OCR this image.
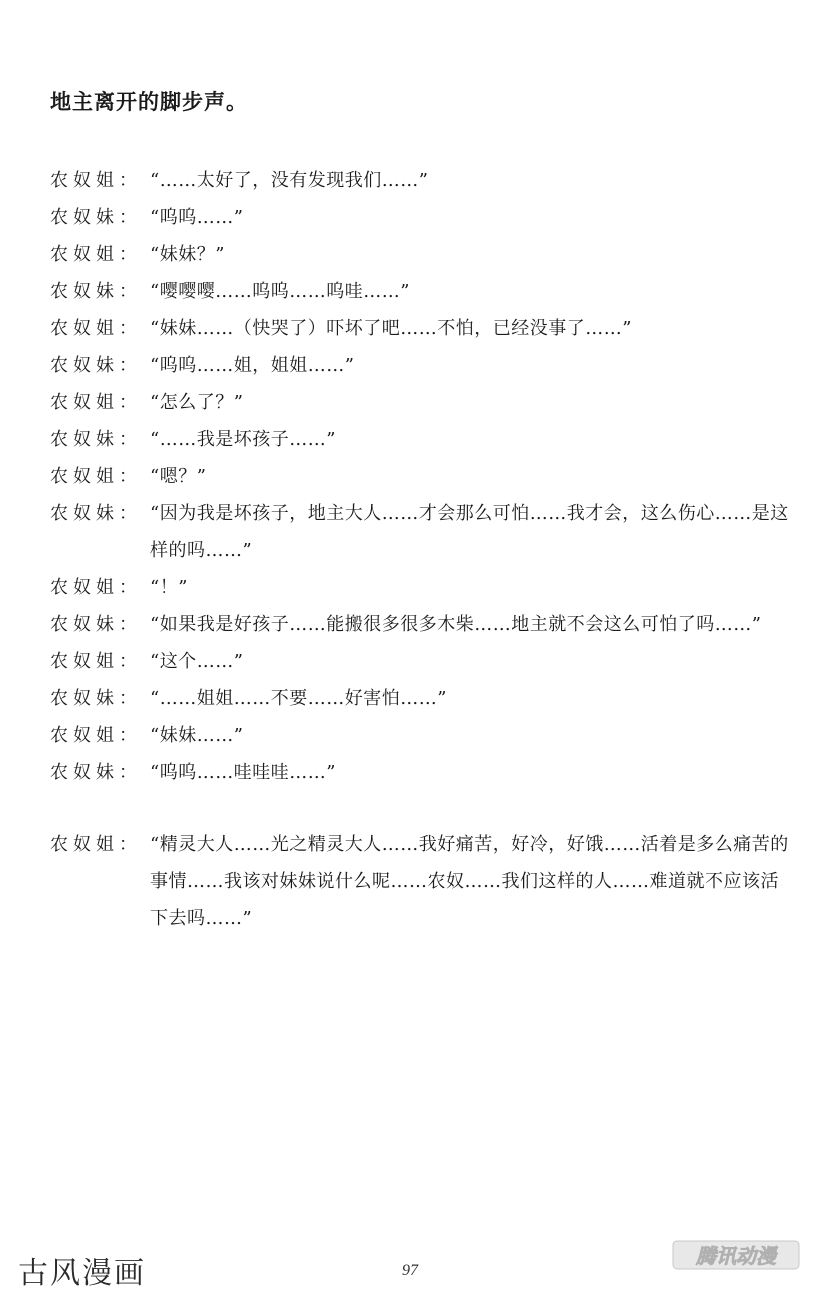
地主离开的脚步声。
农奴姐： “……太好了，没有发现我们……”
农奴妹： “呜呜……”
农奴姐： “妹妹？”
农奴妹： “嘤嘤嘤……呜呜……呜哇……”
农奴姐： “妹妹……（快哭了）吓坏了吧……不怕，已经没事了……”
农奴妹： “呜呜……姐，姐姐……”
农奴姐： “怎么了？”
农奴妹： “……我是坏孩子……”
农奴姐： “嗯？”
农奴妹： “因为我是坏孩子，地主大人……才会那么可怕……我才会，这么伤心……是这样的吗……”
农奴姐： “！”
农奴妹： “如果我是好孩子……能搬很多很多木柴……地主就不会这么可怕了吗……”
农奴姐： “这个……”
农奴妹： “……姐姐……不要……好害怕……”
农奴姐： “妹妹……”
农奴妹： “呜呜……哇哇哇……”
农奴姐： “精灵大人……光之精灵大人……我好痛苦，好冷，好饿……活着是多么痛苦的事情……我该对妹妹说什么呢……农奴……我们这样的人……难道就不应该活下去吗……”
古风漫画	97
腾讯动漫
